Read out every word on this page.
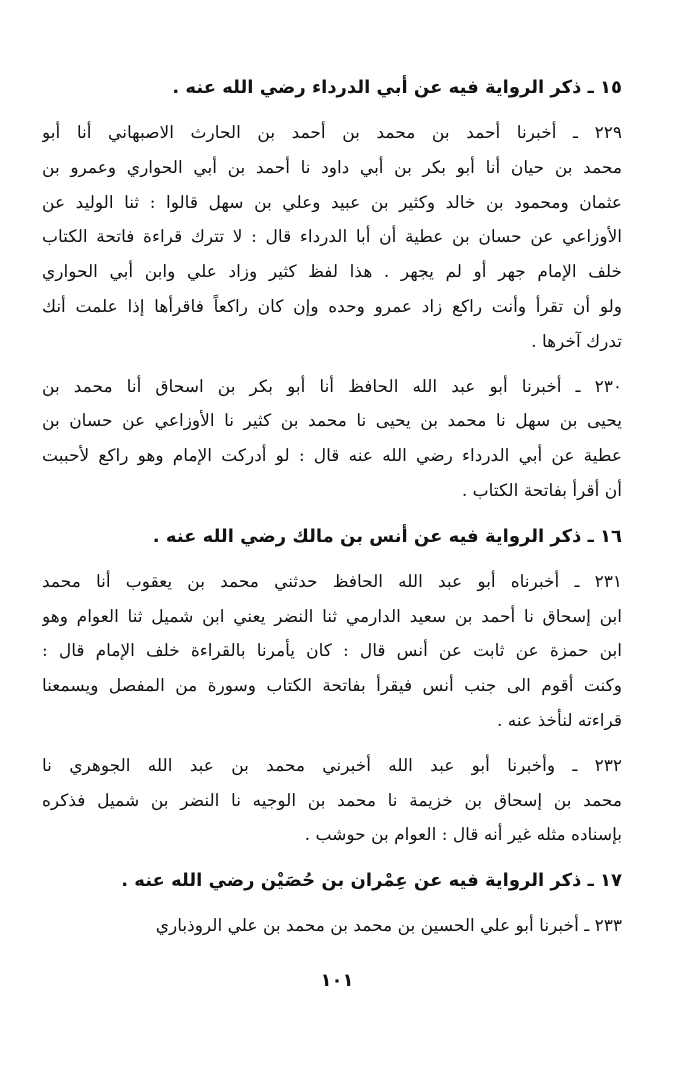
١٥ ـ ذكر الرواية فيه عن أبي الدرداء رضي الله عنه .
٢٢٩ ـ أخبرنا أحمد بن محمد بن أحمد بن الحارث الاصبهاني أنا أبو
محمد بن حيان أنا أبو بكر بن أبي داود نا أحمد بن أبي الحواري وعمرو بن
عثمان ومحمود بن خالد وكثير بن عبيد وعلي بن سهل قالوا : ثنا الوليد عن
الأوزاعي عن حسان بن عطية أن أبا الدرداء قال : لا تترك قراءة فاتحة الكتاب
خلف الإمام جهر أو لم يجهر . هذا لفظ كثير وزاد علي وابن أبي الحواري
ولو أن تقرأ وأنت راكع زاد عمرو وحده وإن كان راكعاً فاقرأها إذا علمت أنك
تدرك آخرها .
٢٣٠ ـ أخبرنا أبو عبد الله الحافظ أنا أبو بكر بن اسحاق أنا محمد بن
يحيى بن سهل نا محمد بن يحيى نا محمد بن كثير نا الأوزاعي عن حسان بن
عطية عن أبي الدرداء رضي الله عنه قال : لو أدركت الإمام وهو راكع لأحببت
أن أقرأ بفاتحة الكتاب .
١٦ ـ ذكر الرواية فيه عن أنس بن مالك رضي الله عنه .
٢٣١ ـ أخبرناه أبو عبد الله الحافظ حدثني محمد بن يعقوب أنا محمد
ابن إسحاق نا أحمد بن سعيد الدارمي ثنا النضر يعني ابن شميل ثنا العوام وهو
ابن حمزة عن ثابت عن أنس قال : كان يأمرنا بالقراءة خلف الإمام قال :
وكنت أقوم الى جنب أنس فيقرأ بفاتحة الكتاب وسورة من المفصل ويسمعنا
قراءته لنأخذ عنه .
٢٣٢ ـ وأخبرنا أبو عبد الله أخبرني محمد بن عبد الله الجوهري نا
محمد بن إسحاق بن خزيمة نا محمد بن الوجيه نا النضر بن شميل فذكره
بإسناده مثله غير أنه قال : العوام بن حوشب .
١٧ ـ ذكر الرواية فيه عن عِمْران بن حُصَيْن رضي الله عنه .
٢٣٣ ـ أخبرنا أبو علي الحسين بن محمد بن محمد بن علي الروذباري
١٠١
